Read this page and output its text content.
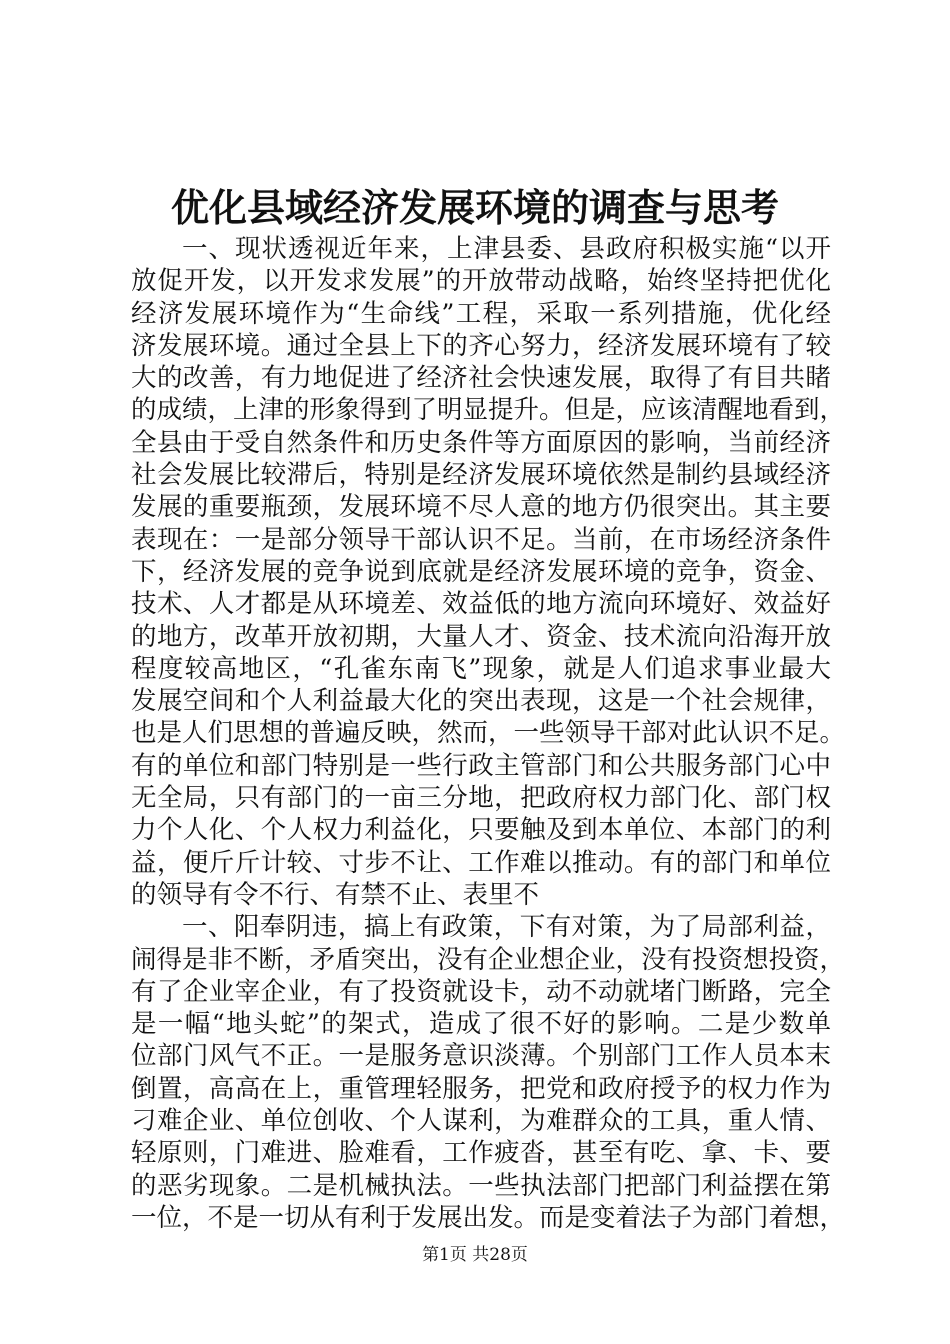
优化县域经济发展环境的调查与思考
一、现状透视近年来，上津县委、县政府积极实施“以开
放促开发，以开发求发展”的开放带动战略，始终坚持把优化
经济发展环境作为“生命线”工程，采取一系列措施，优化经
济发展环境。通过全县上下的齐心努力，经济发展环境有了较
大的改善，有力地促进了经济社会快速发展，取得了有目共睹
的成绩，上津的形象得到了明显提升。但是，应该清醒地看到，
全县由于受自然条件和历史条件等方面原因的影响，当前经济
社会发展比较滞后，特别是经济发展环境依然是制约县域经济
发展的重要瓶颈，发展环境不尽人意的地方仍很突出。其主要
表现在：一是部分领导干部认识不足。当前，在市场经济条件
下，经济发展的竞争说到底就是经济发展环境的竞争，资金、
技术、人才都是从环境差、效益低的地方流向环境好、效益好
的地方，改革开放初期，大量人才、资金、技术流向沿海开放
程度较高地区，“孔雀东南飞”现象，就是人们追求事业最大
发展空间和个人利益最大化的突出表现，这是一个社会规律，
也是人们思想的普遍反映，然而，一些领导干部对此认识不足。
有的单位和部门特别是一些行政主管部门和公共服务部门心中
无全局，只有部门的一亩三分地，把政府权力部门化、部门权
力个人化、个人权力利益化，只要触及到本单位、本部门的利
益，便斤斤计较、寸步不让、工作难以推动。有的部门和单位
的领导有令不行、有禁不止、表里不
一、阳奉阴违，搞上有政策，下有对策，为了局部利益，
闹得是非不断，矛盾突出，没有企业想企业，没有投资想投资，
有了企业宰企业，有了投资就设卡，动不动就堵门断路，完全
是一幅“地头蛇”的架式，造成了很不好的影响。二是少数单
位部门风气不正。一是服务意识淡薄。个别部门工作人员本末
倒置，高高在上，重管理轻服务，把党和政府授予的权力作为
刁难企业、单位创收、个人谋利，为难群众的工具，重人情、
轻原则，门难进、脸难看，工作疲沓，甚至有吃、拿、卡、要
的恶劣现象。二是机械执法。一些执法部门把部门利益摆在第
一位，不是一切从有利于发展出发。而是变着法子为部门着想，
第1页 共28页
